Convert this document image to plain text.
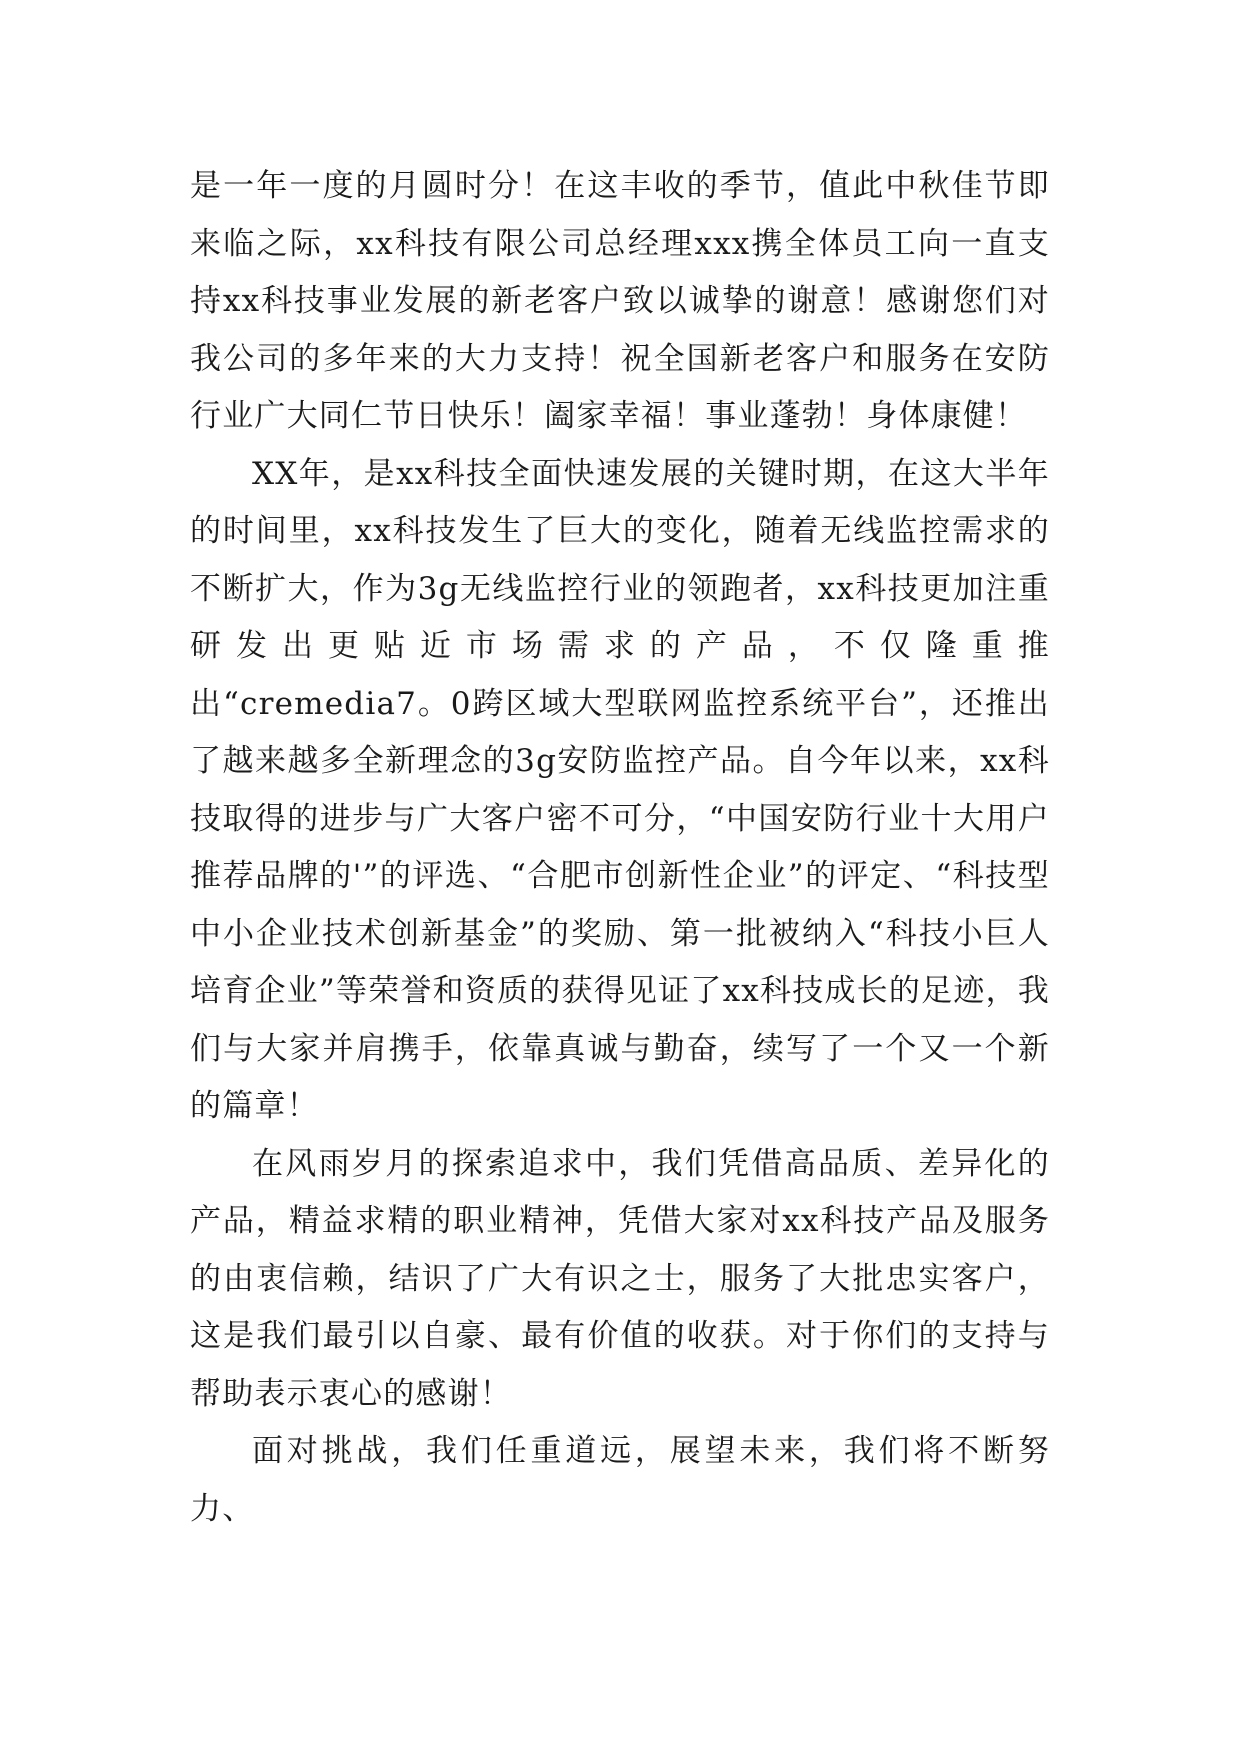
是一年一度的月圆时分！在这丰收的季节，值此中秋佳节即来临之际，xx科技有限公司总经理xxx携全体员工向一直支持xx科技事业发展的新老客户致以诚挚的谢意！感谢您们对我公司的多年来的大力支持！祝全国新老客户和服务在安防行业广大同仁节日快乐！阖家幸福！事业蓬勃！身体康健！

XX年，是xx科技全面快速发展的关键时期，在这大半年的时间里，xx科技发生了巨大的变化，随着无线监控需求的不断扩大，作为3g无线监控行业的领跑者，xx科技更加注重研发出更贴近市场需求的产品，不仅隆重推出“cremedia7。0跨区域大型联网监控系统平台”，还推出了越来越多全新理念的3g安防监控产品。自今年以来，xx科技取得的进步与广大客户密不可分，“中国安防行业十大用户推荐品牌的'”的评选、“合肥市创新性企业”的评定、“科技型中小企业技术创新基金”的奖励、第一批被纳入“科技小巨人培育企业”等荣誉和资质的获得见证了xx科技成长的足迹，我们与大家并肩携手，依靠真诚与勤奋，续写了一个又一个新的篇章！

在风雨岁月的探索追求中，我们凭借高品质、差异化的产品，精益求精的职业精神，凭借大家对xx科技产品及服务的由衷信赖，结识了广大有识之士，服务了大批忠实客户，这是我们最引以自豪、最有价值的收获。对于你们的支持与帮助表示衷心的感谢！

面对挑战，我们任重道远，展望未来，我们将不断努力、
